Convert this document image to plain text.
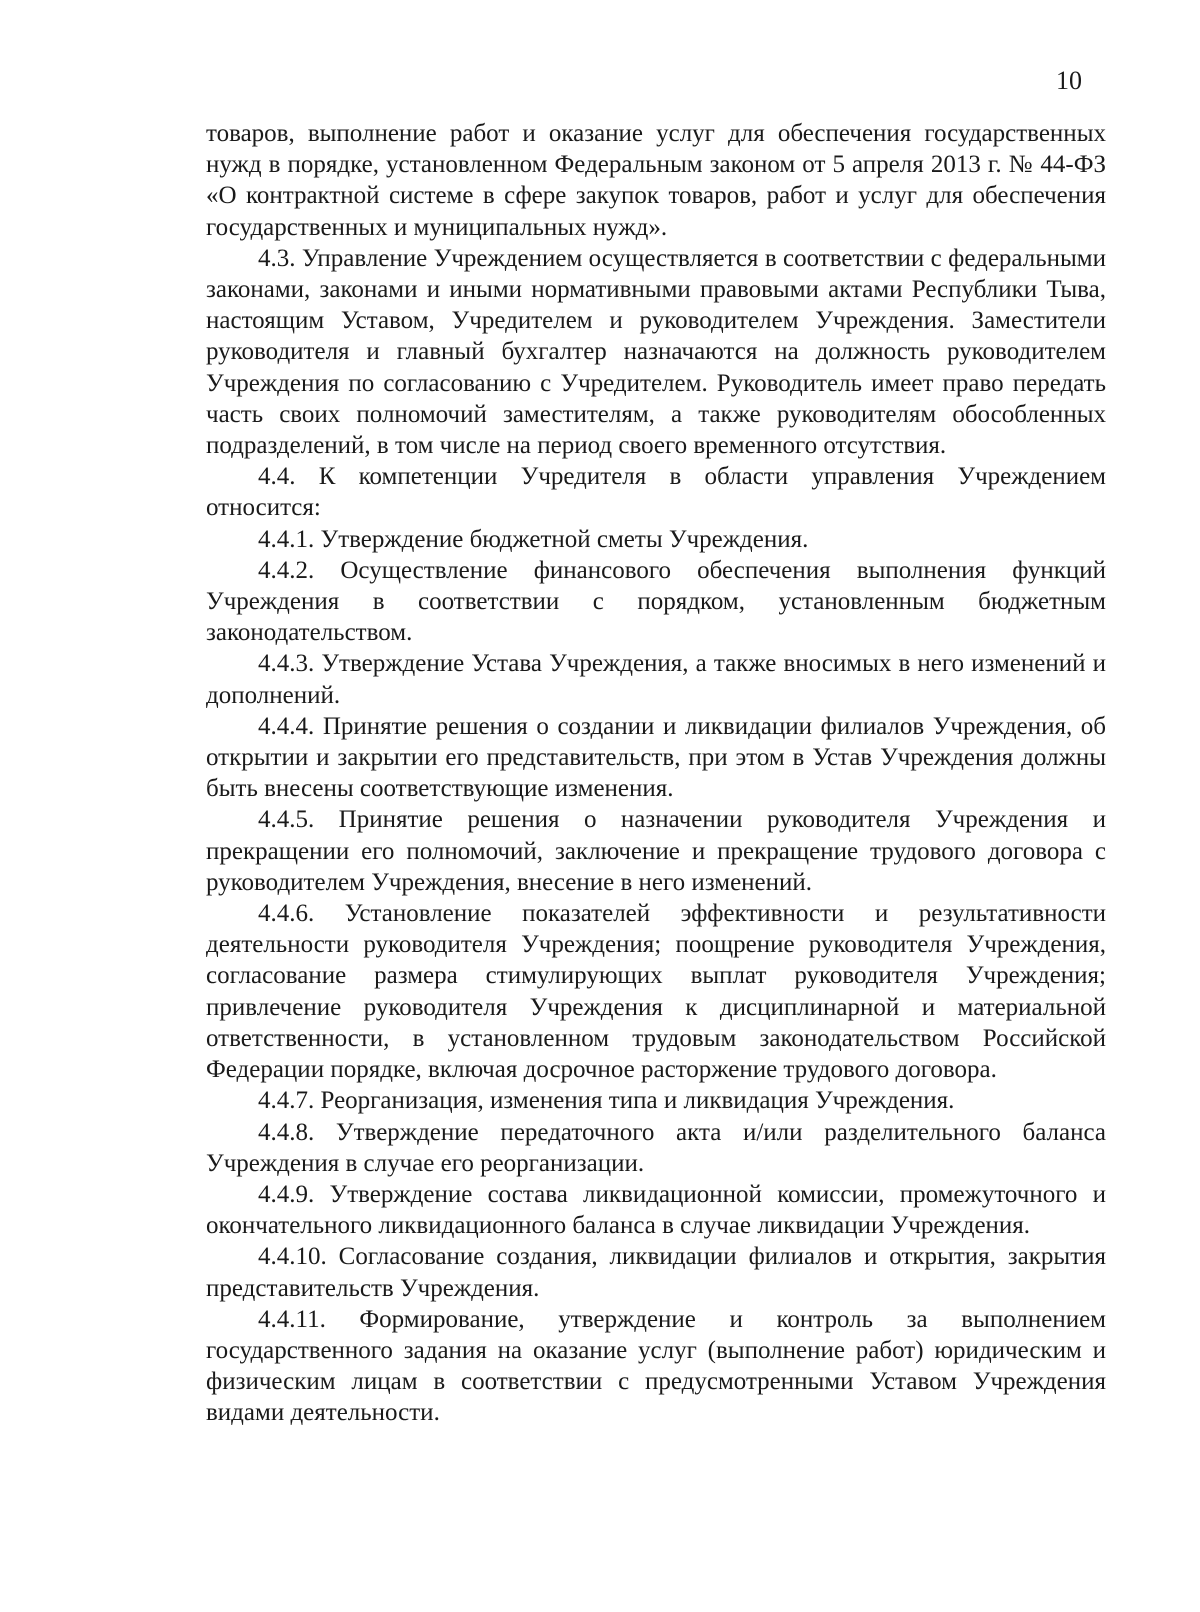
10

товаров, выполнение работ и оказание услуг для обеспечения государственных нужд в порядке, установленном Федеральным законом от 5 апреля 2013 г. № 44-ФЗ «О контрактной системе в сфере закупок товаров, работ и услуг для обеспечения государственных и муниципальных нужд».

4.3. Управление Учреждением осуществляется в соответствии с федеральными законами, законами и иными нормативными правовыми актами Республики Тыва, настоящим Уставом, Учредителем и руководителем Учреждения. Заместители руководителя и главный бухгалтер назначаются на должность руководителем Учреждения по согласованию с Учредителем. Руководитель имеет право передать часть своих полномочий заместителям, а также руководителям обособленных подразделений, в том числе на период своего временного отсутствия.

4.4. К компетенции Учредителя в области управления Учреждением относится:

4.4.1. Утверждение бюджетной сметы Учреждения.

4.4.2. Осуществление финансового обеспечения выполнения функций Учреждения в соответствии с порядком, установленным бюджетным законодательством.

4.4.3. Утверждение Устава Учреждения, а также вносимых в него изменений и дополнений.

4.4.4. Принятие решения о создании и ликвидации филиалов Учреждения, об открытии и закрытии его представительств, при этом в Устав Учреждения должны быть внесены соответствующие изменения.

4.4.5. Принятие решения о назначении руководителя Учреждения и прекращении его полномочий, заключение и прекращение трудового договора с руководителем Учреждения, внесение в него изменений.

4.4.6. Установление показателей эффективности и результативности деятельности руководителя Учреждения; поощрение руководителя Учреждения, согласование размера стимулирующих выплат руководителя Учреждения; привлечение руководителя Учреждения к дисциплинарной и материальной ответственности, в установленном трудовым законодательством Российской Федерации порядке, включая досрочное расторжение трудового договора.

4.4.7. Реорганизация, изменения типа и ликвидация Учреждения.

4.4.8. Утверждение передаточного акта и/или разделительного баланса Учреждения в случае его реорганизации.

4.4.9. Утверждение состава ликвидационной комиссии, промежуточного и окончательного ликвидационного баланса в случае ликвидации Учреждения.

4.4.10. Согласование создания, ликвидации филиалов и открытия, закрытия представительств Учреждения.

4.4.11. Формирование, утверждение и контроль за выполнением государственного задания на оказание услуг (выполнение работ) юридическим и физическим лицам в соответствии с предусмотренными Уставом Учреждения видами деятельности.
